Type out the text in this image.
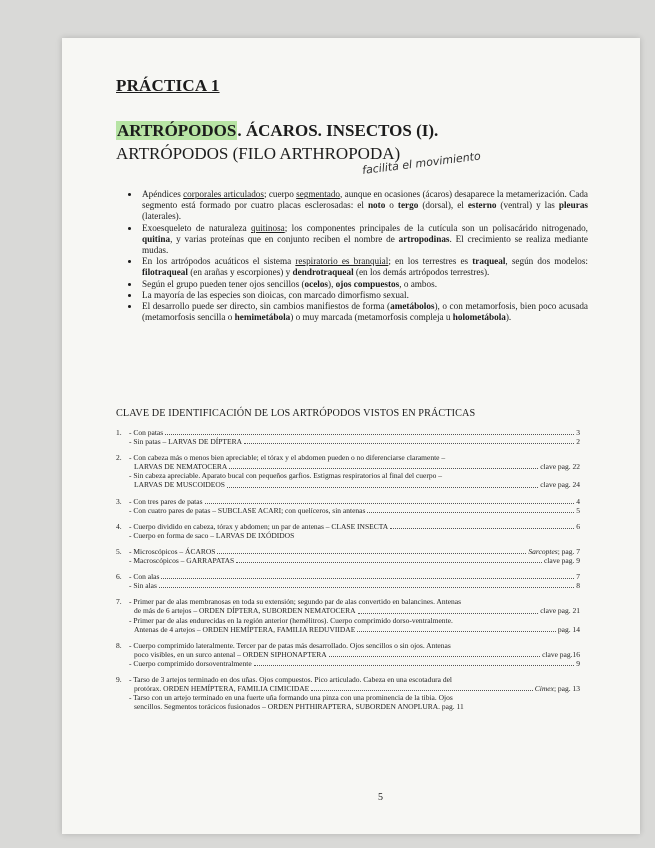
PRÁCTICA 1
ARTRÓPODOS. ÁCAROS. INSECTOS (I).
ARTRÓPODOS (FILO ARTHROPODA)
facilita el movimiento
• Apéndices corporales articulados; cuerpo segmentado, aunque en ocasiones (ácaros) desaparece la metamerización. Cada segmento está formado por cuatro placas esclerosadas: el noto o tergo (dorsal), el esterno (ventral) y las pleuras (laterales).
• Exoesqueleto de naturaleza quitinosa; los componentes principales de la cutícula son un polisacárido nitrogenado, quitina, y varias proteínas que en conjunto reciben el nombre de artropodinas. El crecimiento se realiza mediante mudas.
• En los artrópodos acuáticos el sistema respiratorio es branquial; en los terrestres es traqueal, según dos modelos: filotraqueal (en arañas y escorpiones) y dendrotraqueal (en los demás artrópodos terrestres).
• Según el grupo pueden tener ojos sencillos (ocelos), ojos compuestos, o ambos.
• La mayoría de las especies son dioicas, con marcado dimorfismo sexual.
• El desarrollo puede ser directo, sin cambios manifiestos de forma (ametábolos), o con metamorfosis, bien poco acusada (metamorfosis sencilla o hemimetábola) o muy marcada (metamorfosis compleja u holometábola).
CLAVE DE IDENTIFICACIÓN DE LOS ARTRÓPODOS VISTOS EN PRÁCTICAS
1. - Con patas	3
- Sin patas – LARVAS DE DÍPTERA	2
2. - Con cabeza más o menos bien apreciable; el tórax y el abdomen pueden o no diferenciarse claramente –
LARVAS DE NEMATOCERA	clave pag. 22
- Sin cabeza apreciable. Aparato bucal con pequeños garfios. Estigmas respiratorios al final del cuerpo –
LARVAS DE MUSCOIDEOS	clave pag. 24
3. - Con tres pares de patas	4
- Con cuatro pares de patas – SUBCLASE ACARI; con quelíceros, sin antenas	5
4. - Cuerpo dividido en cabeza, tórax y abdomen; un par de antenas – CLASE INSECTA	6
- Cuerpo en forma de saco – LARVAS DE IXÓDIDOS
5. - Microscópicos – ÁCAROS	Sarcoptes; pag. 7
- Macroscópicos – GARRAPATAS	clave pag. 9
6. - Con alas	7
- Sin alas	8
7. - Primer par de alas membranosas en toda su extensión; segundo par de alas convertido en balancines. Antenas
de más de 6 artejos – ORDEN DÍPTERA, SUBORDEN NEMATOCERA	clave pag. 21
- Primer par de alas endurecidas en la región anterior (hemélitros). Cuerpo comprimido dorso-ventralmente.
Antenas de 4 artejos – ORDEN HEMÍPTERA, FAMILIA REDUVIIDAE	pag. 14
8. - Cuerpo comprimido lateralmente. Tercer par de patas más desarrollado. Ojos sencillos o sin ojos. Antenas
poco visibles, en un surco antenal – ORDEN SIPHONAPTERA	clave pag.16
- Cuerpo comprimido dorsoventralmente	9
9. - Tarso de 3 artejos terminado en dos uñas. Ojos compuestos. Pico articulado. Cabeza en una escotadura del
protórax. ORDEN HEMÍPTERA, FAMILIA CIMICIDAE	Cimex; pag. 13
- Tarso con un artejo terminado en una fuerte uña formando una pinza con una prominencia de la tibia. Ojos
sencillos. Segmentos torácicos fusionados – ORDEN PHTHIRAPTERA, SUBORDEN ANOPLURA. pag. 11
5
